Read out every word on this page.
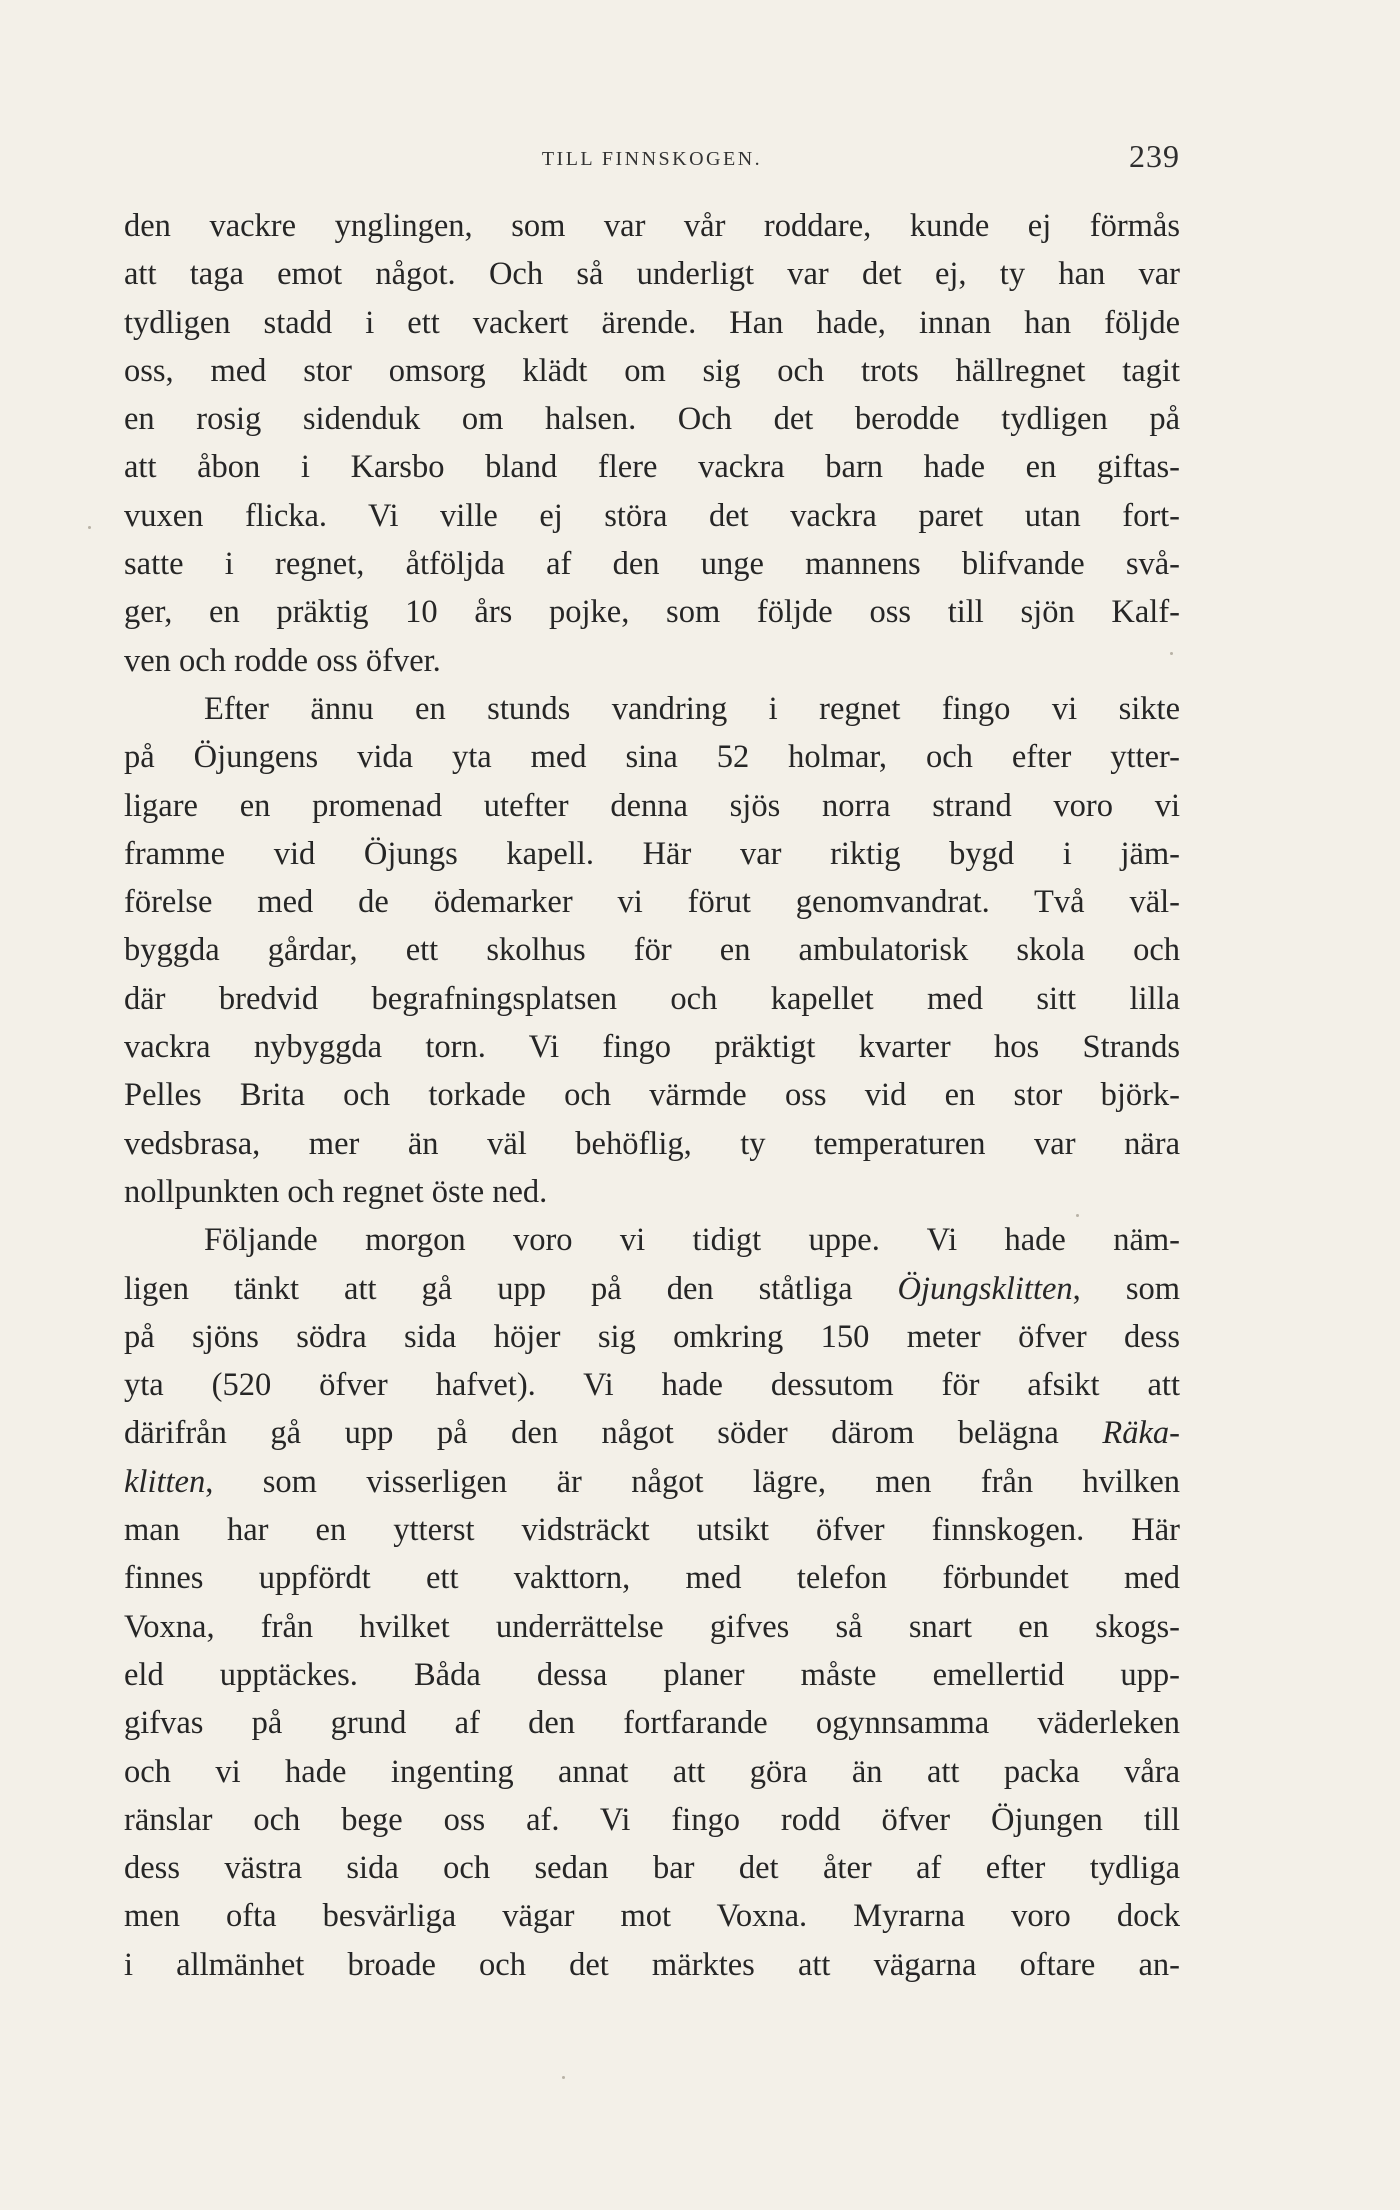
TILL FINNSKOGEN.	239
den vackre ynglingen, som var vår roddare, kunde ej förmås
att taga emot något. Och så underligt var det ej, ty han var
tydligen stadd i ett vackert ärende. Han hade, innan han följde
oss, med stor omsorg klädt om sig och trots hällregnet tagit
en rosig sidenduk om halsen. Och det berodde tydligen på
att åbon i Karsbo bland flere vackra barn hade en giftas-
vuxen flicka. Vi ville ej störa det vackra paret utan fort-
satte i regnet, åtföljda af den unge mannens blifvande svå-
ger, en präktig 10 års pojke, som följde oss till sjön Kalf-
ven och rodde oss öfver.
Efter ännu en stunds vandring i regnet fingo vi sikte
på Öjungens vida yta med sina 52 holmar, och efter ytter-
ligare en promenad utefter denna sjös norra strand voro vi
framme vid Öjungs kapell. Här var riktig bygd i jäm-
förelse med de ödemarker vi förut genomvandrat. Två väl-
byggda gårdar, ett skolhus för en ambulatorisk skola och
där bredvid begrafningsplatsen och kapellet med sitt lilla
vackra nybyggda torn. Vi fingo präktigt kvarter hos Strands
Pelles Brita och torkade och värmde oss vid en stor björk-
vedsbrasa, mer än väl behöflig, ty temperaturen var nära
nollpunkten och regnet öste ned.
Följande morgon voro vi tidigt uppe. Vi hade näm-
ligen tänkt att gå upp på den ståtliga Öjungsklitten, som
på sjöns södra sida höjer sig omkring 150 meter öfver dess
yta (520 öfver hafvet). Vi hade dessutom för afsikt att
därifrån gå upp på den något söder därom belägna Räka-
klitten, som visserligen är något lägre, men från hvilken
man har en ytterst vidsträckt utsikt öfver finnskogen. Här
finnes uppfördt ett vakttorn, med telefon förbundet med
Voxna, från hvilket underrättelse gifves så snart en skogs-
eld upptäckes. Båda dessa planer måste emellertid upp-
gifvas på grund af den fortfarande ogynnsamma väderleken
och vi hade ingenting annat att göra än att packa våra
ränslar och bege oss af. Vi fingo rodd öfver Öjungen till
dess västra sida och sedan bar det åter af efter tydliga
men ofta besvärliga vägar mot Voxna. Myrarna voro dock
i allmänhet broade och det märktes att vägarna oftare an-
